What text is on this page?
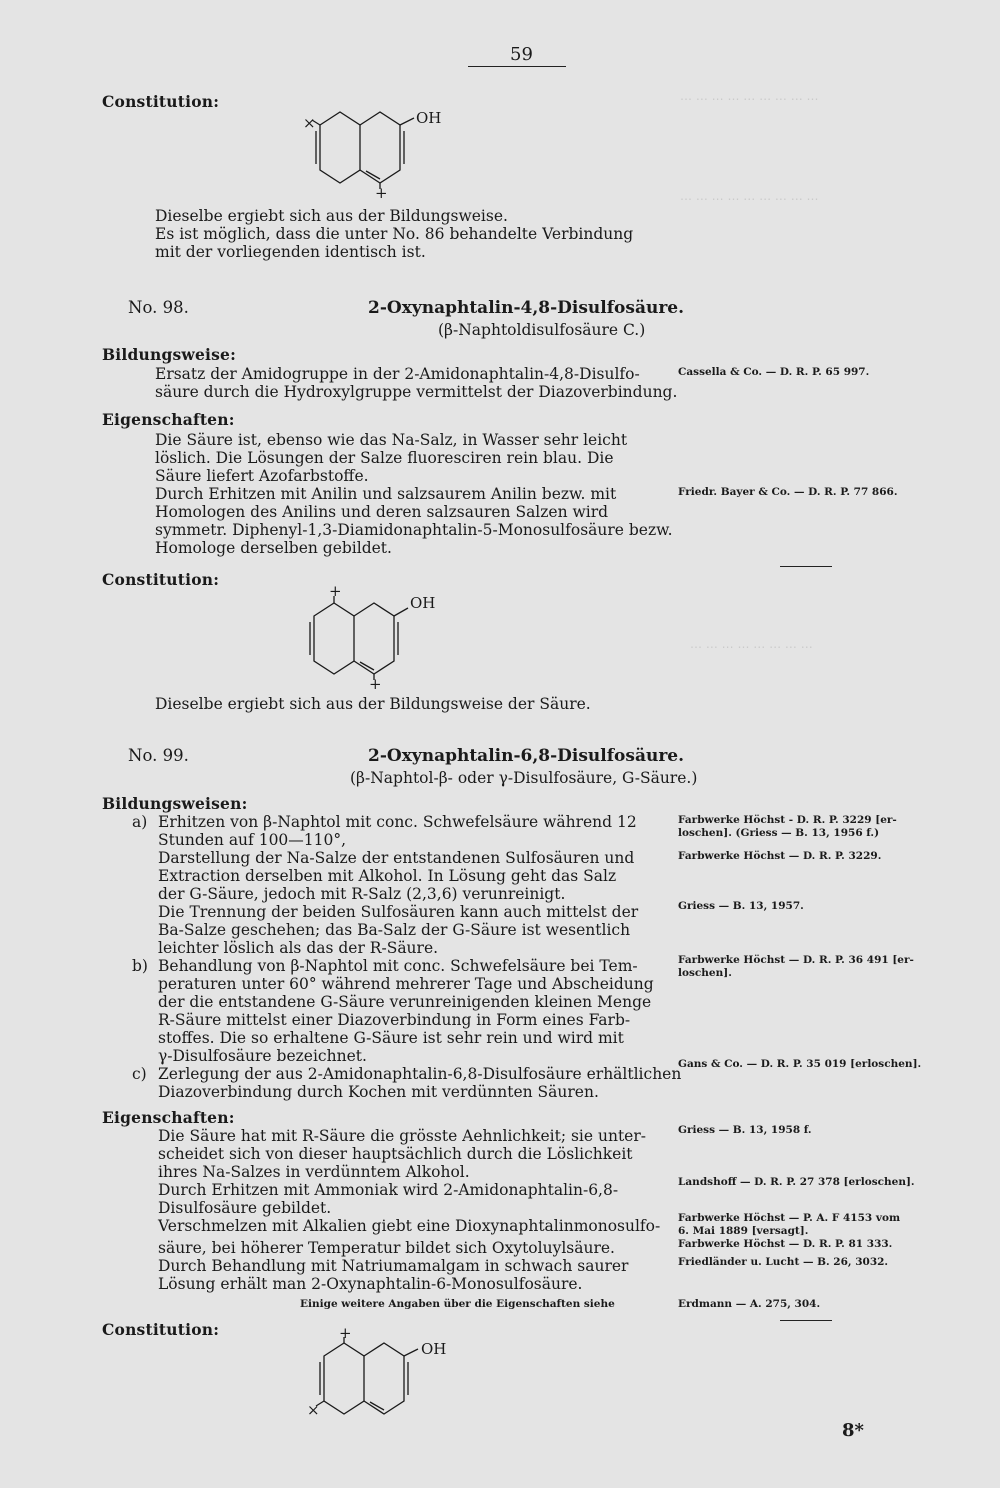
⋯ ⋯ ⋯ ⋯ ⋯ ⋯ ⋯ ⋯ ⋯
⋯ ⋯ ⋯ ⋯ ⋯ ⋯ ⋯ ⋯ ⋯
⋯ ⋯ ⋯ ⋯ ⋯ ⋯ ⋯ ⋯
59
Constitution:
OH
×
+
Dieselbe ergiebt sich aus der Bildungsweise.
Es ist möglich, dass die unter No. 86 behandelte Verbindung
mit der vorliegenden identisch ist.
No. 98.	2-Oxynaphtalin-4,8-Disulfosäure.
(β-Naphtoldisulfosäure C.)
Bildungsweise:
Ersatz der Amidogruppe in der 2-Amidonaphtalin-4,8-Disulfo-
säure durch die Hydroxylgruppe vermittelst der Diazoverbindung.
Cassella & Co. — D. R. P. 65 997.
Eigenschaften:
Die Säure ist, ebenso wie das Na-Salz, in Wasser sehr leicht
löslich. Die Lösungen der Salze fluoresciren rein blau. Die
Säure liefert Azofarbstoffe.
Durch Erhitzen mit Anilin und salzsaurem Anilin bezw. mit
Homologen des Anilins und deren salzsauren Salzen wird
symmetr. Diphenyl-1,3-Diamidonaphtalin-5-Monosulfosäure bezw.
Homologe derselben gebildet.
Friedr. Bayer & Co. — D. R. P. 77 866.
Constitution:
OH
+
+
Dieselbe ergiebt sich aus der Bildungsweise der Säure.
No. 99.	2-Oxynaphtalin-6,8-Disulfosäure.
(β-Naphtol-β- oder γ-Disulfosäure, G-Säure.)
Bildungsweisen:
a) Erhitzen von β-Naphtol mit conc. Schwefelsäure während 12
Stunden auf 100—110°,
Darstellung der Na-Salze der entstandenen Sulfosäuren und
Extraction derselben mit Alkohol. In Lösung geht das Salz
der G-Säure, jedoch mit R-Salz (2,3,6) verunreinigt.
Die Trennung der beiden Sulfosäuren kann auch mittelst der
Ba-Salze geschehen; das Ba-Salz der G-Säure ist wesentlich
leichter löslich als das der R-Säure.
b) Behandlung von β-Naphtol mit conc. Schwefelsäure bei Tem-
peraturen unter 60° während mehrerer Tage und Abscheidung
der die entstandene G-Säure verunreinigenden kleinen Menge
R-Säure mittelst einer Diazoverbindung in Form eines Farb-
stoffes. Die so erhaltene G-Säure ist sehr rein und wird mit
γ-Disulfosäure bezeichnet.
c) Zerlegung der aus 2-Amidonaphtalin-6,8-Disulfosäure erhältlichen
Diazoverbindung durch Kochen mit verdünnten Säuren.
Farbwerke Höchst - D. R. P. 3229 [er-
loschen]. (Griess — B. 13, 1956 f.)
Farbwerke Höchst — D. R. P. 3229.
Griess — B. 13, 1957.
Farbwerke Höchst — D. R. P. 36 491 [er-
loschen].
Gans & Co. — D. R. P. 35 019 [erloschen].
Eigenschaften:
Die Säure hat mit R-Säure die grösste Aehnlichkeit; sie unter-
scheidet sich von dieser hauptsächlich durch die Löslichkeit
ihres Na-Salzes in verdünntem Alkohol.
Durch Erhitzen mit Ammoniak wird 2-Amidonaphtalin-6,8-
Disulfosäure gebildet.
Verschmelzen mit Alkalien giebt eine Dioxynaphtalinmonosulfo-
säure, bei höherer Temperatur bildet sich Oxytoluylsäure.
Durch Behandlung mit Natriumamalgam in schwach saurer
Lösung erhält man 2-Oxynaphtalin-6-Monosulfosäure.
Einige weitere Angaben über die Eigenschaften siehe
Griess — B. 13, 1958 f.
Landshoff — D. R. P. 27 378 [erloschen].
Farbwerke Höchst — P. A. F 4153 vom
6. Mai 1889 [versagt].
Farbwerke Höchst — D. R. P. 81 333.
Friedländer u. Lucht — B. 26, 3032.
Erdmann — A. 275, 304.
Constitution:
OH
+
×
8*
